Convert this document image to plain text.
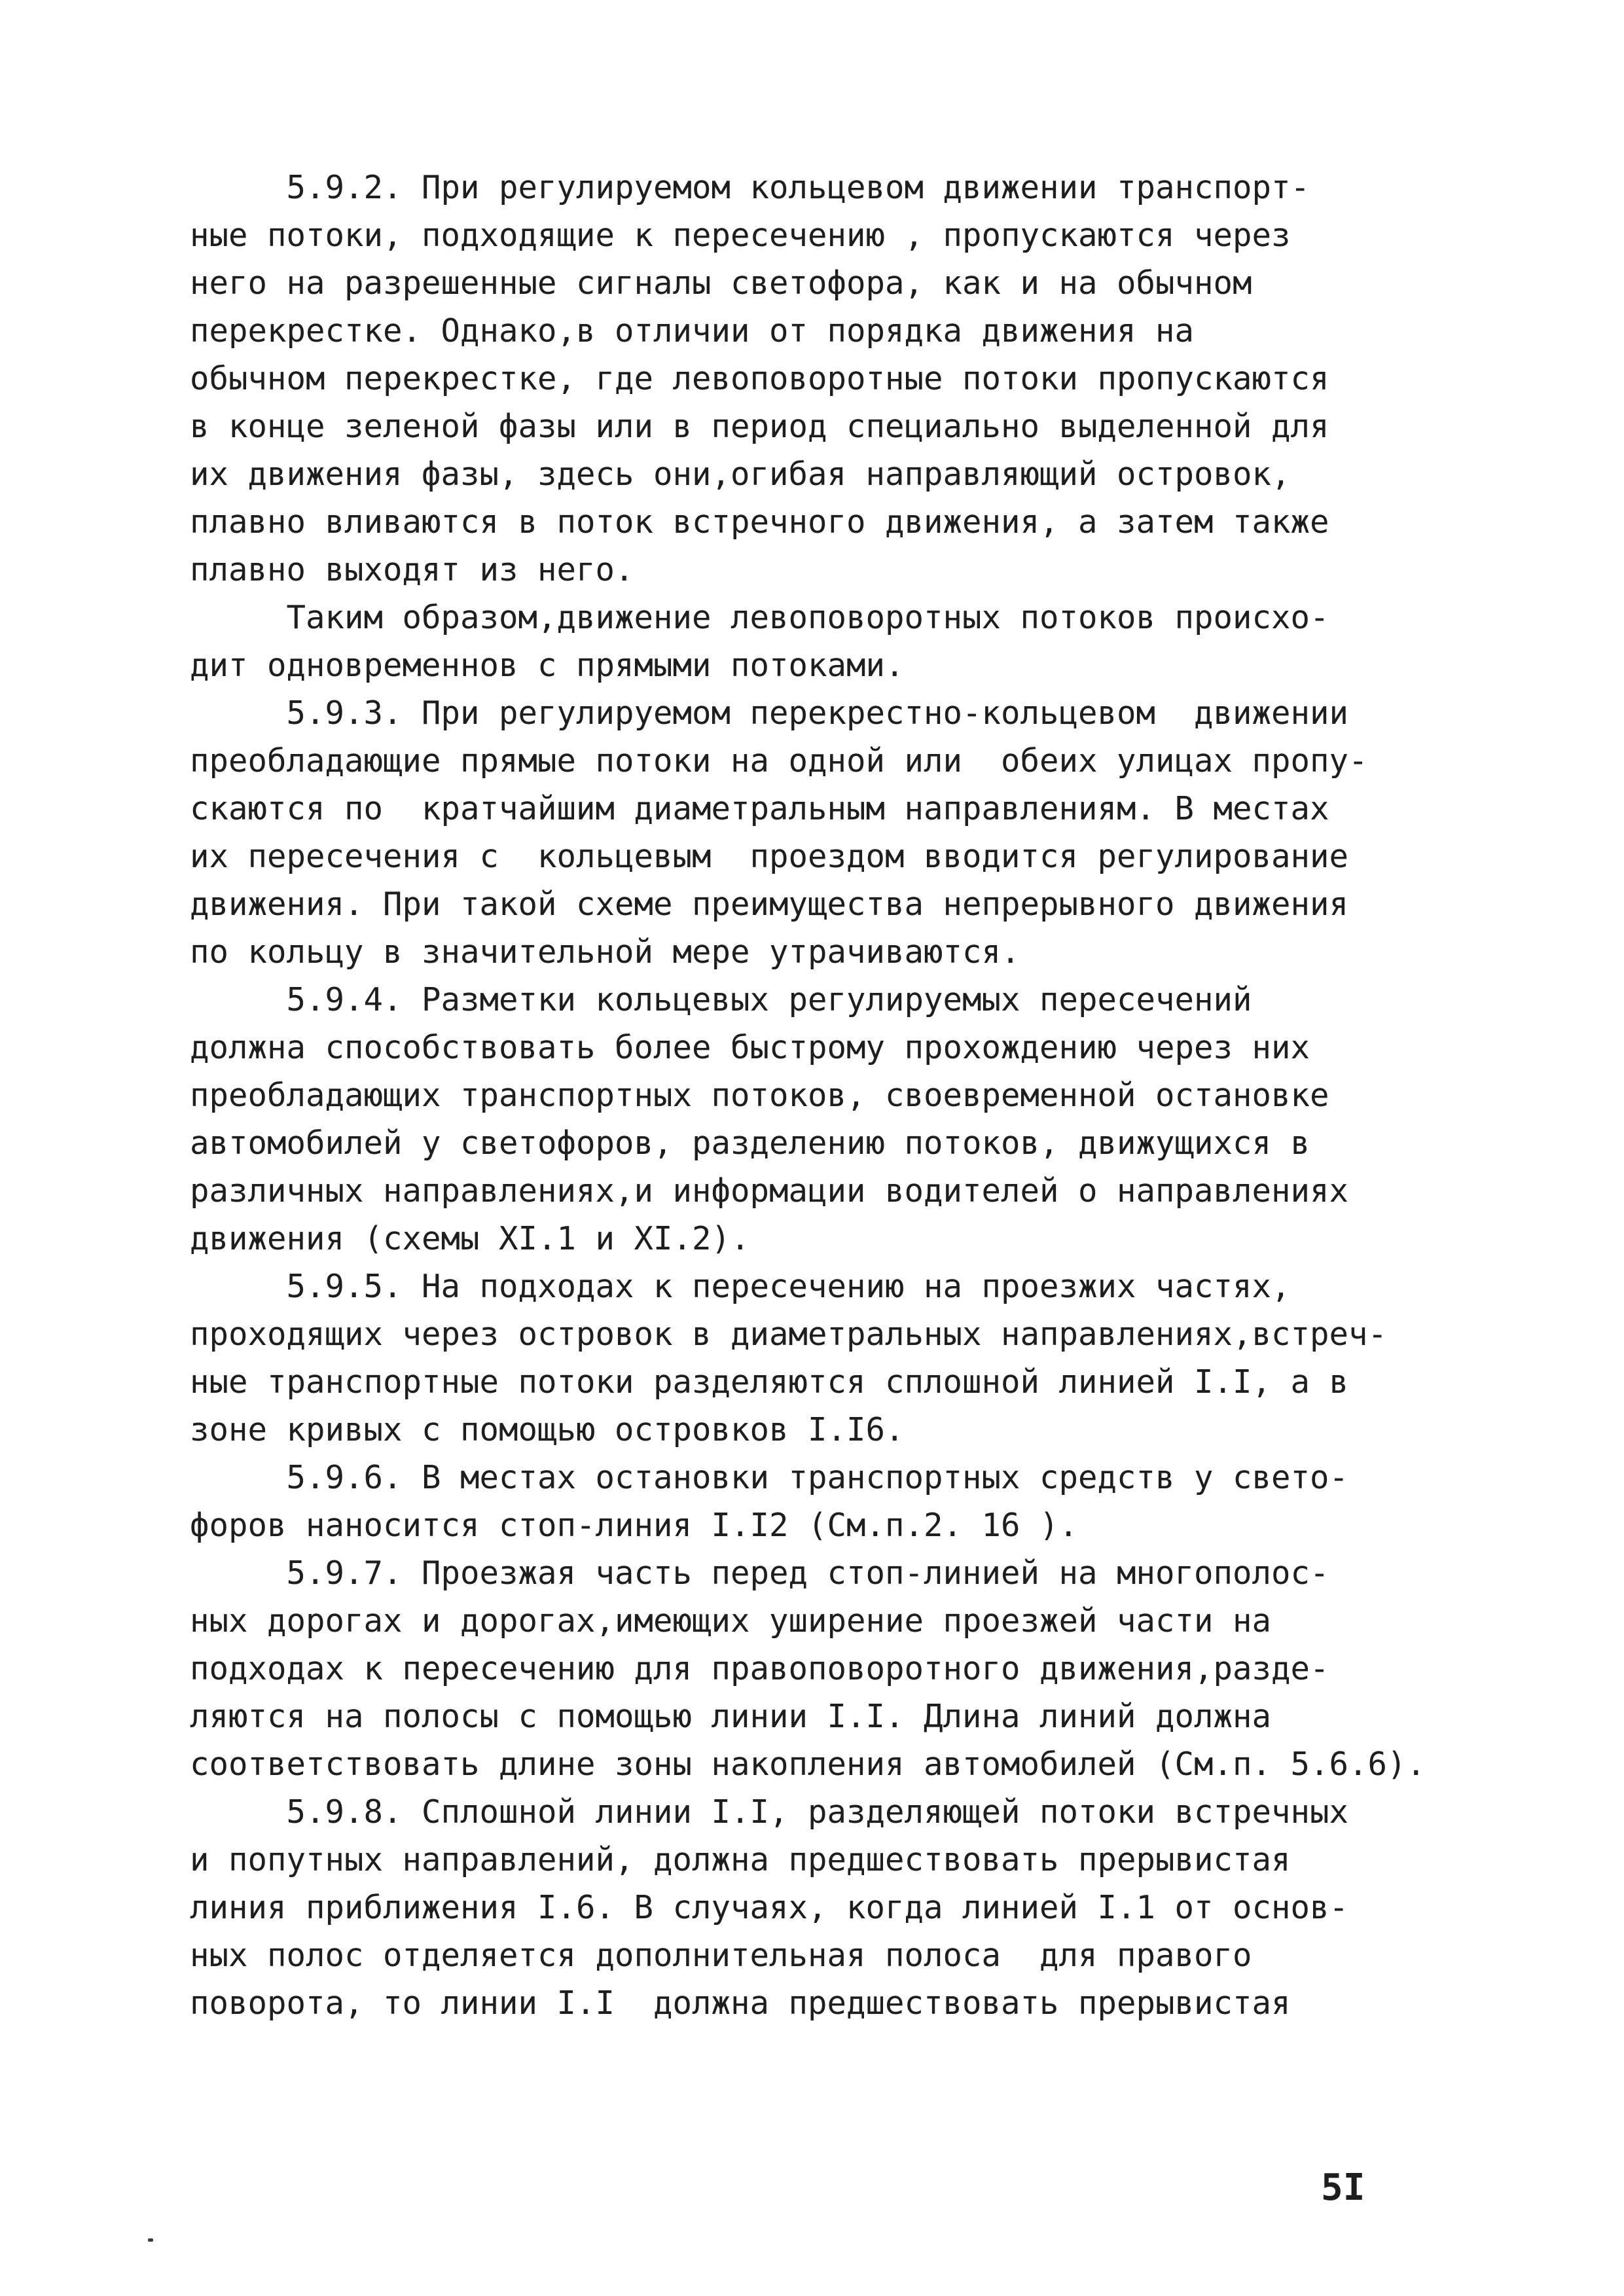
5.9.2. При регулируемом кольцевом движении транспорт-
ные потоки, подходящие к пересечению , пропускаются через
него на разрешенные сигналы светофора, как и на обычном
перекрестке. Однако,в отличии от порядка движения на
обычном перекрестке, где левоповоротные потоки пропускаются
в конце зеленой фазы или в период специально выделенной для
их движения фазы, здесь они,огибая направляющий островок,
плавно вливаются в поток встречного движения, а затем также
плавно выходят из него.
Таким образом,движение левоповоротных потоков происхо-
дит одновременнов с прямыми потоками.
5.9.3. При регулируемом перекрестно-кольцевом  движении
преобладающие прямые потоки на одной или  обеих улицах пропу-
скаются по  кратчайшим диаметральным направлениям. В местах
их пересечения с  кольцевым  проездом вводится регулирование
движения. При такой схеме преимущества непрерывного движения
по кольцу в значительной мере утрачиваются.
5.9.4. Разметки кольцевых регулируемых пересечений
должна способствовать более быстрому прохождению через них
преобладающих транспортных потоков, своевременной остановке
автомобилей у светофоров, разделению потоков, движущихся в
различных направлениях,и информации водителей о направлениях
движения (схемы XI.1 и XI.2).
5.9.5. На подходах к пересечению на проезжих частях,
проходящих через островок в диаметральных направлениях,встреч-
ные транспортные потоки разделяются сплошной линией I.I, а в
зоне кривых с помощью островков I.I6.
5.9.6. В местах остановки транспортных средств у свето-
форов наносится стоп-линия I.I2 (См.п.2. 16 ).
5.9.7. Проезжая часть перед стоп-линией на многополос-
ных дорогах и дорогах,имеющих уширение проезжей части на
подходах к пересечению для правоповоротного движения,разде-
ляются на полосы с помощью линии I.I. Длина линий должна
соответствовать длине зоны накопления автомобилей (См.п. 5.6.6).
5.9.8. Сплошной линии I.I, разделяющей потоки встречных
и попутных направлений, должна предшествовать прерывистая
линия приближения I.6. В случаях, когда линией I.1 от основ-
ных полос отделяется дополнительная полоса  для правого
поворота, то линии I.I  должна предшествовать прерывистая
5I
